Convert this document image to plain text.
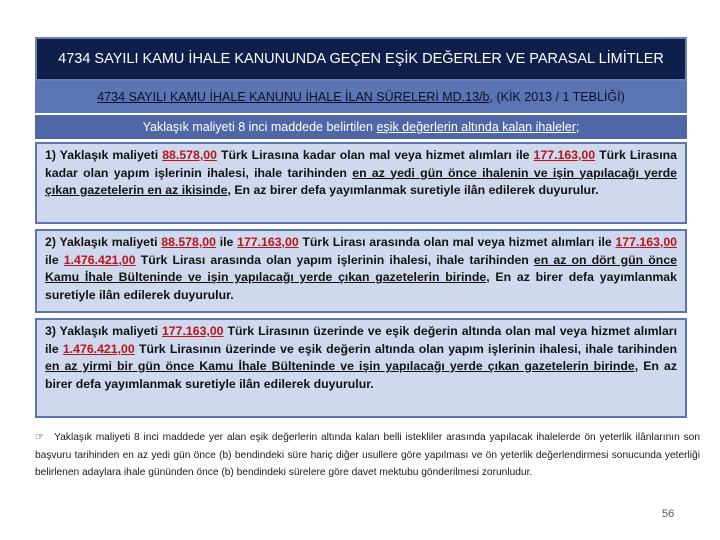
4734 SAYILI KAMU İHALE KANUNUNDA GEÇEN EŞİK DEĞERLER VE PARASAL LİMİTLER
4734 SAYILI KAMU İHALE KANUNU İHALE İLAN SÜRELERİ MD.13/b, (KİK 2013 / 1 TEBLİĞİ)
Yaklaşık maliyeti 8 inci maddede belirtilen eşik değerlerin altında kalan ihaleler;
1) Yaklaşık maliyeti 88.578,00 Türk Lirasına kadar olan mal veya hizmet alımları ile 177.163,00 Türk Lirasına kadar olan yapım işlerinin ihalesi, ihale tarihinden en az yedi gün önce ihalenin ve işin yapılacağı yerde çıkan gazetelerin en az ikisinde, En az birer defa yayımlanmak suretiyle ilân edilerek duyurulur.
2) Yaklaşık maliyeti 88.578,00 ile 177.163,00 Türk Lirası arasında olan mal veya hizmet alımları ile 177.163,00 ile 1.476.421,00 Türk Lirası arasında olan yapım işlerinin ihalesi, ihale tarihinden en az on dört gün önce Kamu İhale Bülteninde ve işin yapılacağı yerde çıkan gazetelerin birinde, En az birer defa yayımlanmak suretiyle ilân edilerek duyurulur.
3) Yaklaşık maliyeti 177.163,00 Türk Lirasının üzerinde ve eşik değerin altında olan mal veya hizmet alımları ile 1.476.421,00 Türk Lirasının üzerinde ve eşik değerin altında olan yapım işlerinin ihalesi, ihale tarihinden en az yirmi bir gün önce Kamu İhale Bülteninde ve işin yapılacağı yerde çıkan gazetelerin birinde, En az birer defa yayımlanmak suretiyle ilân edilerek duyurulur.
☞ Yaklaşık maliyeti 8 inci maddede yer alan eşik değerlerin altında kalan belli istekliler arasında yapılacak ihalelerde ön yeterlik ilânlarının son başvuru tarihinden en az yedi gün önce (b) bendindeki süre hariç diğer usullere göre yapılması ve ön yeterlik değerlendirmesi sonucunda yeterliği belirlenen adaylara ihale gününden önce (b) bendindeki sürelere göre davet mektubu gönderilmesi zorunludur.
56
